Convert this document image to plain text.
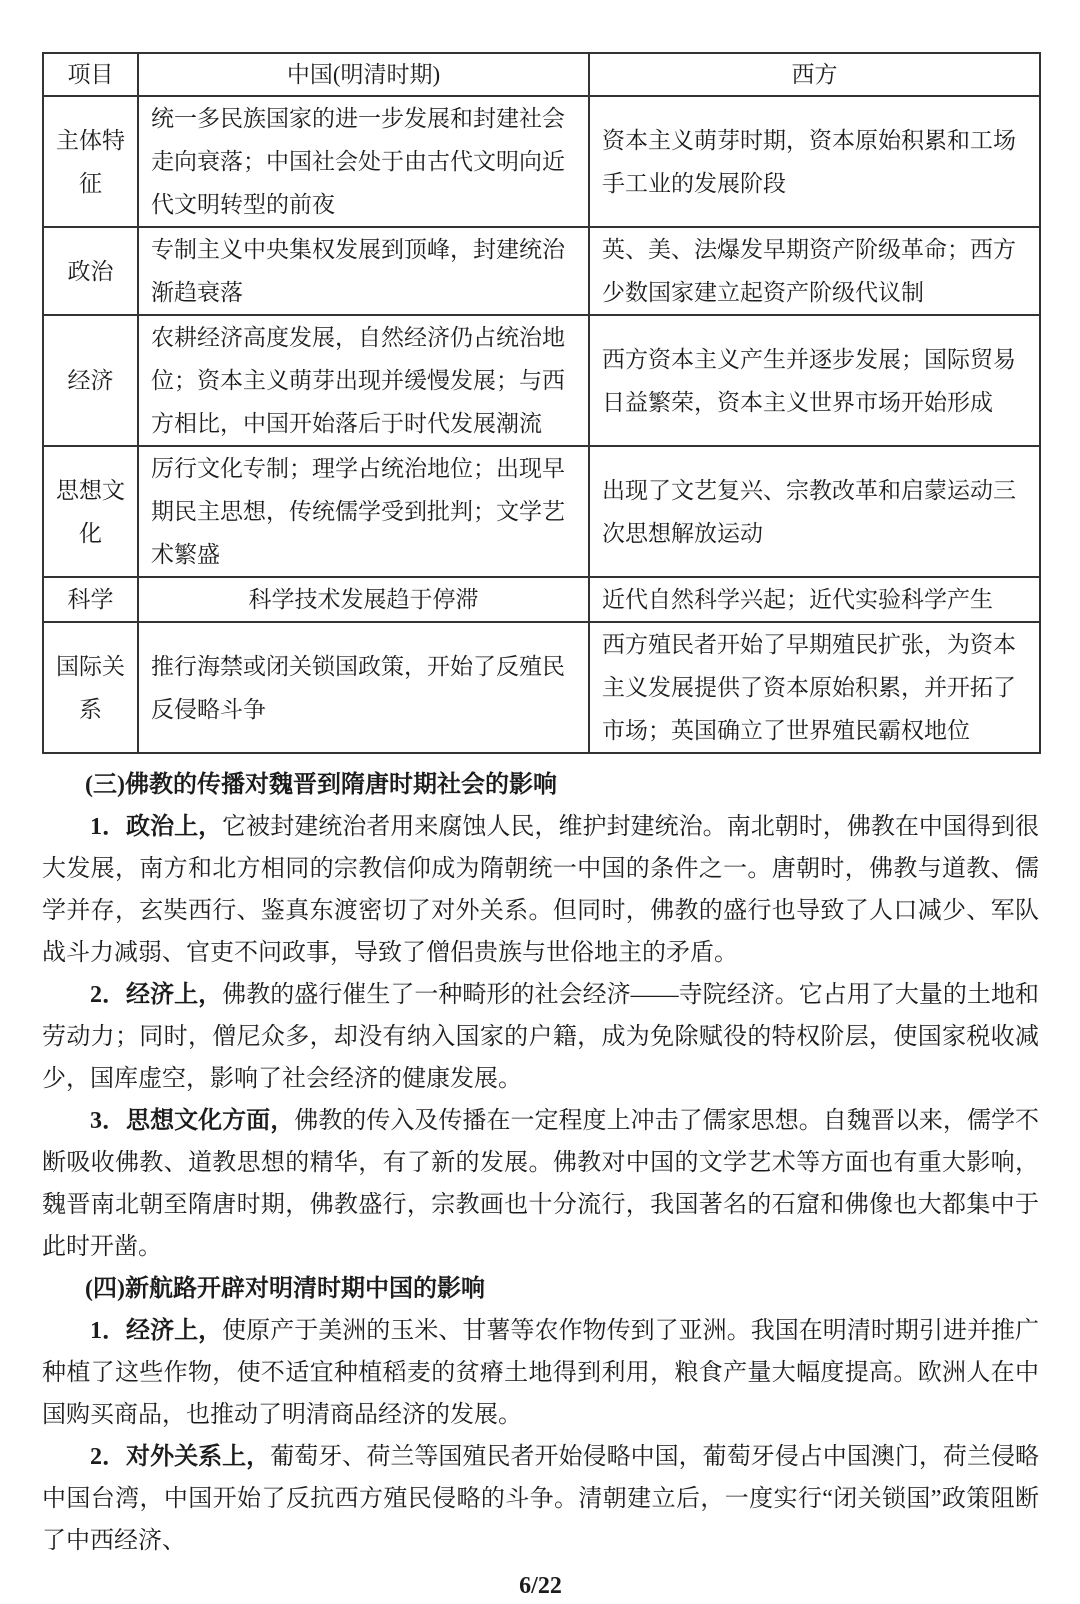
项目	中国(明清时期)	西方
主体特征	统一多民族国家的进一步发展和封建社会走向衰落；中国社会处于由古代文明向近代文明转型的前夜	资本主义萌芽时期，资本原始积累和工场手工业的发展阶段
政治	专制主义中央集权发展到顶峰，封建统治渐趋衰落	英、美、法爆发早期资产阶级革命；西方少数国家建立起资产阶级代议制
经济	农耕经济高度发展，自然经济仍占统治地位；资本主义萌芽出现并缓慢发展；与西方相比，中国开始落后于时代发展潮流	西方资本主义产生并逐步发展；国际贸易日益繁荣，资本主义世界市场开始形成
思想文化	厉行文化专制；理学占统治地位；出现早期民主思想，传统儒学受到批判；文学艺术繁盛	出现了文艺复兴、宗教改革和启蒙运动三次思想解放运动
科学	科学技术发展趋于停滞	近代自然科学兴起；近代实验科学产生
国际关系	推行海禁或闭关锁国政策，开始了反殖民反侵略斗争	西方殖民者开始了早期殖民扩张，为资本主义发展提供了资本原始积累，并开拓了市场；英国确立了世界殖民霸权地位
(三)佛教的传播对魏晋到隋唐时期社会的影响

1．政治上，它被封建统治者用来腐蚀人民，维护封建统治。南北朝时，佛教在中国得到很大发展，南方和北方相同的宗教信仰成为隋朝统一中国的条件之一。唐朝时，佛教与道教、儒学并存，玄奘西行、鉴真东渡密切了对外关系。但同时，佛教的盛行也导致了人口减少、军队战斗力减弱、官吏不问政事，导致了僧侣贵族与世俗地主的矛盾。

2．经济上，佛教的盛行催生了一种畸形的社会经济——寺院经济。它占用了大量的土地和劳动力；同时，僧尼众多，却没有纳入国家的户籍，成为免除赋役的特权阶层，使国家税收减少，国库虚空，影响了社会经济的健康发展。

3．思想文化方面，佛教的传入及传播在一定程度上冲击了儒家思想。自魏晋以来，儒学不断吸收佛教、道教思想的精华，有了新的发展。佛教对中国的文学艺术等方面也有重大影响，魏晋南北朝至隋唐时期，佛教盛行，宗教画也十分流行，我国著名的石窟和佛像也大都集中于此时开凿。

(四)新航路开辟对明清时期中国的影响

1．经济上，使原产于美洲的玉米、甘薯等农作物传到了亚洲。我国在明清时期引进并推广种植了这些作物，使不适宜种植稻麦的贫瘠土地得到利用，粮食产量大幅度提高。欧洲人在中国购买商品，也推动了明清商品经济的发展。

2．对外关系上，葡萄牙、荷兰等国殖民者开始侵略中国，葡萄牙侵占中国澳门，荷兰侵略中国台湾，中国开始了反抗西方殖民侵略的斗争。清朝建立后，一度实行“闭关锁国”政策阻断了中西经济、

6/22
